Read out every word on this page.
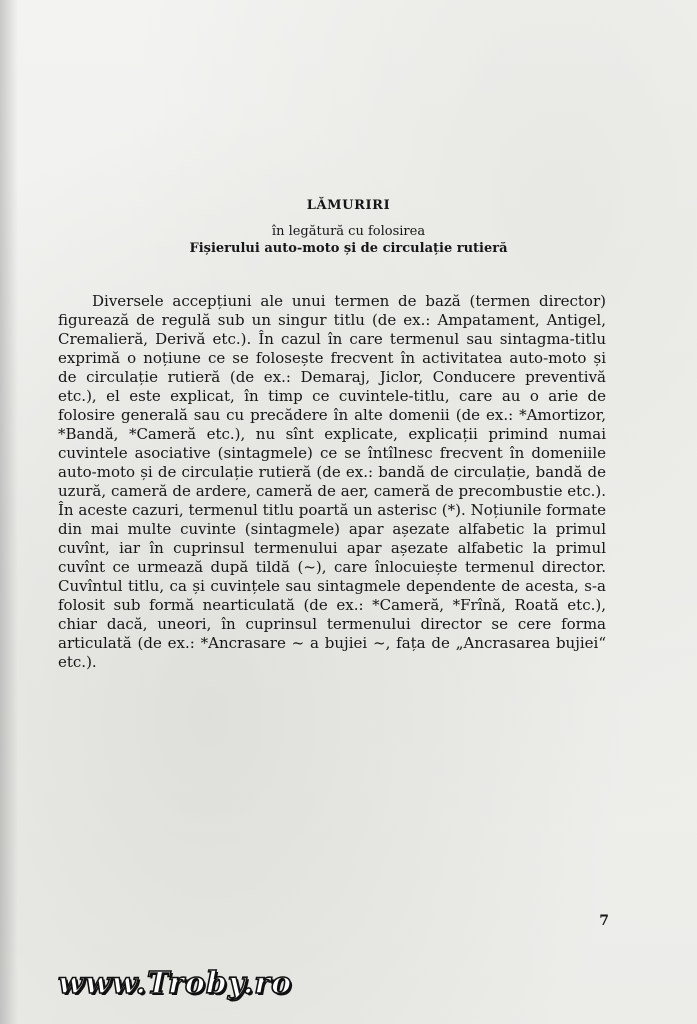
LĂMURIRI
în legătură cu folosirea
Fișierului auto-moto și de circulație rutieră

Diversele accepțiuni ale unui termen de bază (termen director) figurează de regulă sub un singur titlu (de ex.: Ampatament, Antigel, Cremalieră, Derivă etc.). În cazul în care termenul sau sintagma-titlu exprimă o noțiune ce se folosește frecvent în activitatea auto-moto și de circulație rutieră (de ex.: Demaraj, Jiclor, Conducere preventivă etc.), el este explicat, în timp ce cuvintele-titlu, care au o arie de folosire generală sau cu precădere în alte domenii (de ex.: *Amortizor, *Bandă, *Cameră etc.), nu sînt explicate, explicații primind numai cuvintele asociative (sintagmele) ce se întîlnesc frecvent în domeniile auto-moto și de circulație rutieră (de ex.: bandă de circulație, bandă de uzură, cameră de ardere, cameră de aer, cameră de precombustie etc.). În aceste cazuri, termenul titlu poartă un asterisc (*). Noțiunile formate din mai multe cuvinte (sintagmele) apar așezate alfabetic la primul cuvînt, iar în cuprinsul termenului apar așezate alfabetic la primul cuvînt ce urmează după tildă (~), care înlocuiește termenul director. Cuvîntul titlu, ca și cuvințele sau sintagmele dependente de acesta, s-a folosit sub formă nearticulată (de ex.: *Cameră, *Frînă, Roată etc.), chiar dacă, uneori, în cuprinsul termenului director se cere forma articulată (de ex.: *Ancrasare ~ a bujiei ~, fața de „Ancrasarea bujiei“ etc.).

7
www.Troby.ro
